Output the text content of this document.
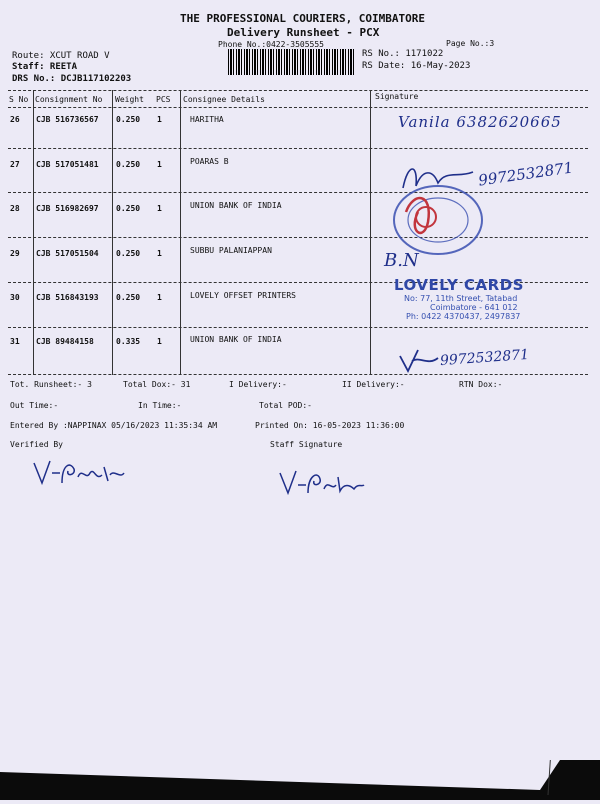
THE PROFESSIONAL COURIERS, COIMBATORE
Delivery Runsheet - PCX
Phone No.:0422-3505555	Page No.:3
Route: XCUT ROAD V
Staff: REETA
DRS No.: DCJB117102203
RS No.: 1171022
RS Date: 16-May-2023
S No Consignment No Weight PCS Consignee Details	Signature
26 CJB 516736567 0.250 1	HARITHA
27 CJB 517051481 0.250 1	POARAS B
28 CJB 516982697 0.250 1	UNION BANK OF INDIA
29 CJB 517051504 0.250 1	SUBBU PALANIAPPAN
30 CJB 516843193 0.250 1	LOVELY OFFSET PRINTERS
31 CJB 89484158	0.335 1	UNION BANK OF INDIA
Vanila 6382620665
9972532871
B.N
LOVELY CARDS
No: 77, 11th Street, Tatabad
Coimbatore - 641 012
Ph: 0422 4370437, 2497837
9972532871
Tot. Runsheet:- 3	Total Dox:- 31	I Delivery:-	II Delivery:-	RTN Dox:-
Out Time:-	In Time:-	Total POD:-
Entered By :NAPPINAX 05/16/2023 11:35:34 AM	Printed On: 16-05-2023 11:36:00
Verified By	Staff Signature
